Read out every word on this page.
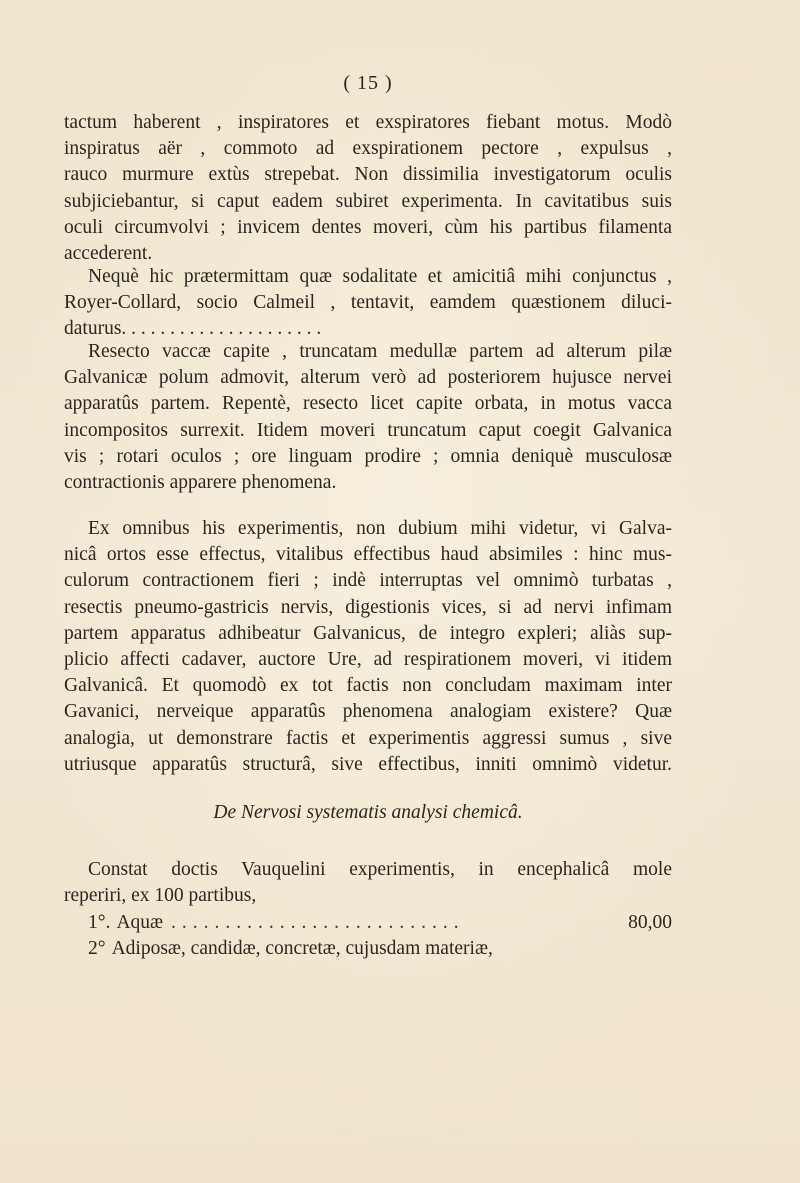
( 15 )
tactum haberent , inspiratores et exspiratores fiebant motus. Modò
inspiratus aër , commoto ad exspirationem pectore , expulsus ,
rauco murmure extùs strepebat. Non dissimilia investigatorum oculis
subjiciebantur, si caput eadem subiret experimenta. In cavitatibus suis
oculi circumvolvi ; invicem dentes moveri, cùm his partibus filamenta
accederent.
Nequè hic prætermittam quæ sodalitate et amicitiâ mihi conjunctus ,
Royer-Collard, socio Calmeil , tentavit, eamdem quæstionem diluci-
daturus. . . . . . . . . . . . . . . . . . . . .
Resecto vaccæ capite , truncatam medullæ partem ad alterum pilæ
Galvanicæ polum admovit, alterum verò ad posteriorem hujusce nervei
apparatûs partem. Repentè, resecto licet capite orbata, in motus vacca
incompositos surrexit. Itidem moveri truncatum caput coegit Galvanica
vis ; rotari oculos ; ore linguam prodire ; omnia deniquè musculosæ
contractionis apparere phenomena.
Ex omnibus his experimentis, non dubium mihi videtur, vi Galva-
nicâ ortos esse effectus, vitalibus effectibus haud absimiles : hinc mus-
culorum contractionem fieri ; indè interruptas vel omnimò turbatas ,
resectis pneumo-gastricis nervis, digestionis vices, si ad nervi infimam
partem apparatus adhibeatur Galvanicus, de integro expleri; aliàs sup-
plicio affecti cadaver, auctore Ure, ad respirationem moveri, vi itidem
Galvanicâ. Et quomodò ex tot factis non concludam maximam inter
Gavanici, nerveique apparatûs phenomena analogiam existere? Quæ
analogia, ut demonstrare factis et experimentis aggressi sumus , sive
utriusque apparatûs structurâ, sive effectibus, inniti omnimò videtur.
De Nervosi systematis analysi chemicâ.
Constat doctis Vauquelini experimentis, in encephalicâ mole
reperiri, ex 100 partibus,
1°. Aquæ ...........................	80,00
2° Adiposæ, candidæ, concretæ, cujusdam materiæ,
